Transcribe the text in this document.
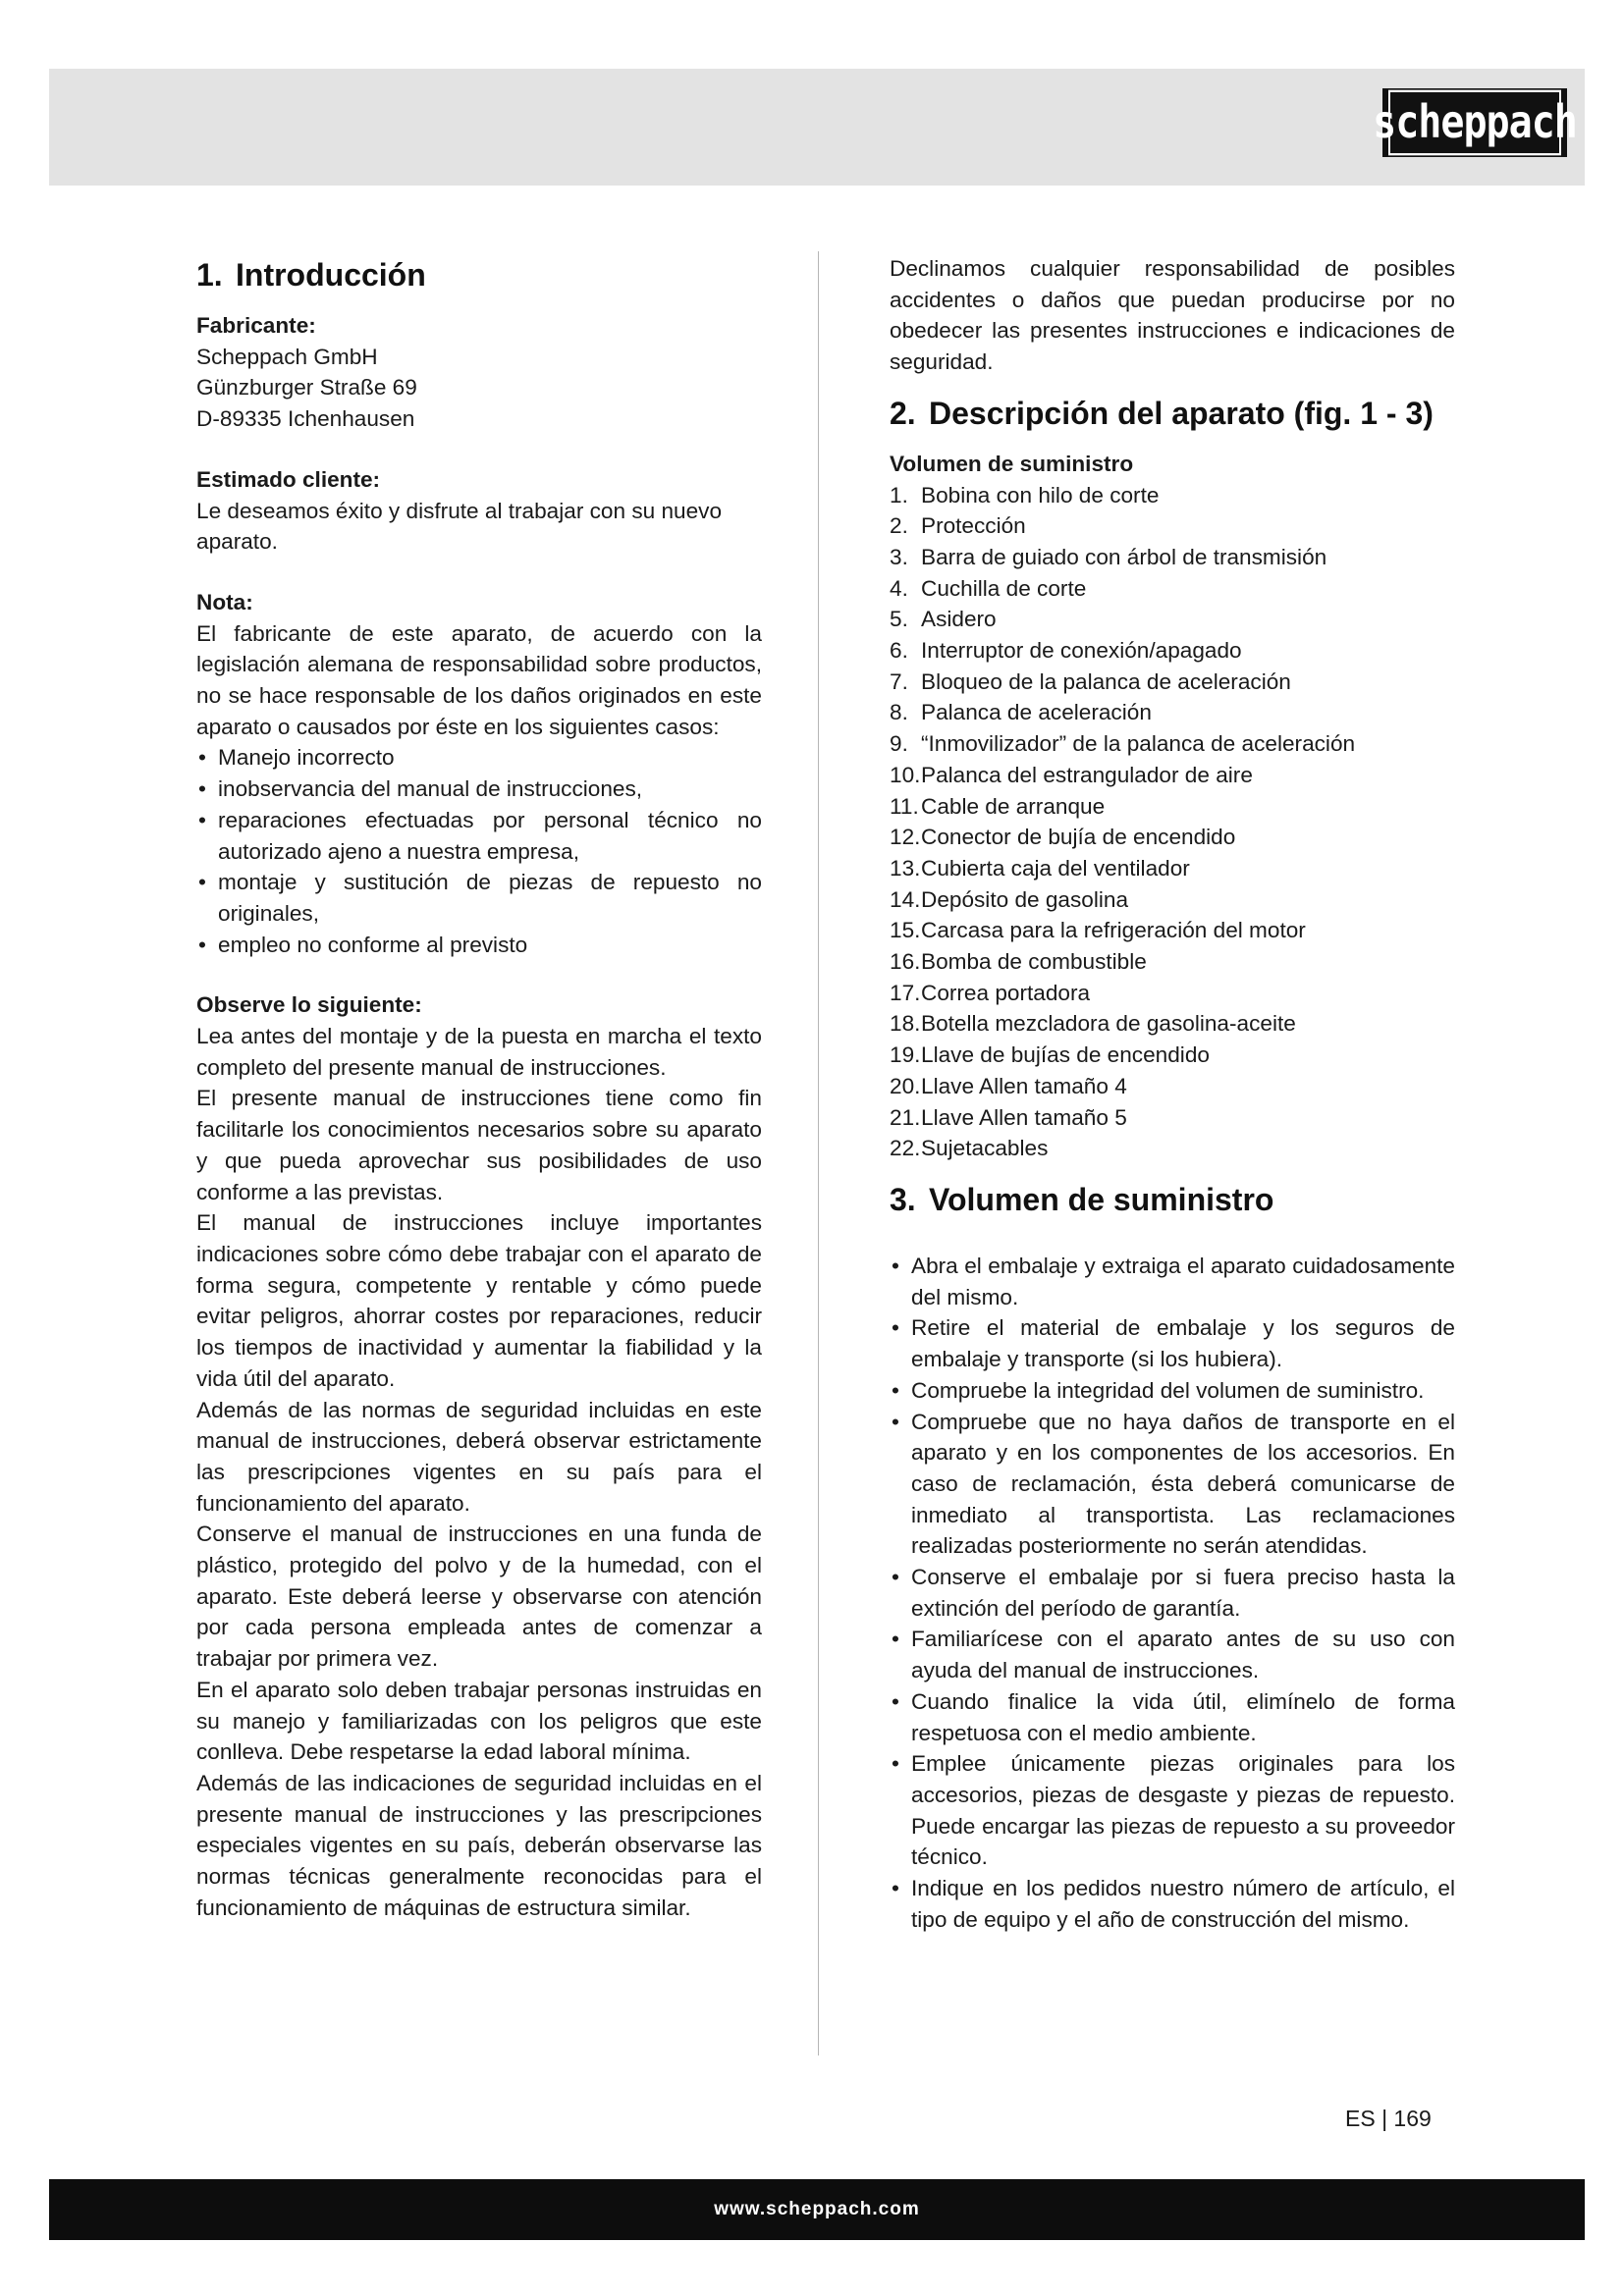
scheppach
1. Introducción

Fabricante:

Scheppach GmbH

Günzburger Straße 69

D-89335 Ichenhausen

Estimado cliente:

Le deseamos éxito y disfrute al trabajar con su nuevo aparato.

Nota:

El fabricante de este aparato, de acuerdo con la legislación alemana de responsabilidad sobre productos, no se hace responsable de los daños originados en este aparato o causados por éste en los siguientes casos:

• Manejo incorrecto
• inobservancia del manual de instrucciones,
• reparaciones efectuadas por personal técnico no autorizado ajeno a nuestra empresa,
• montaje y sustitución de piezas de repuesto no originales,
• empleo no conforme al previsto

Observe lo siguiente:

Lea antes del montaje y de la puesta en marcha el texto completo del presente manual de instrucciones.

El presente manual de instrucciones tiene como fin facilitarle los conocimientos necesarios sobre su aparato y que pueda aprovechar sus posibilidades de uso conforme a las previstas.

El manual de instrucciones incluye importantes indicaciones sobre cómo debe trabajar con el aparato de forma segura, competente y rentable y cómo puede evitar peligros, ahorrar costes por reparaciones, reducir los tiempos de inactividad y aumentar la fiabilidad y la vida útil del aparato.

Además de las normas de seguridad incluidas en este manual de instrucciones, deberá observar estrictamente las prescripciones vigentes en su país para el funcionamiento del aparato.

Conserve el manual de instrucciones en una funda de plástico, protegido del polvo y de la humedad, con el aparato. Este deberá leerse y observarse con atención por cada persona empleada antes de comenzar a trabajar por primera vez.

En el aparato solo deben trabajar personas instruidas en su manejo y familiarizadas con los peligros que este conlleva. Debe respetarse la edad laboral mínima.

Además de las indicaciones de seguridad incluidas en el presente manual de instrucciones y las prescripciones especiales vigentes en su país, deberán observarse las normas técnicas generalmente reconocidas para el funcionamiento de máquinas de estructura similar.

Declinamos cualquier responsabilidad de posibles accidentes o daños que puedan producirse por no obedecer las presentes instrucciones e indicaciones de seguridad.

2. Descripción del aparato (fig. 1 - 3)

Volumen de suministro

1. Bobina con hilo de corte
2. Protección
3. Barra de guiado con árbol de transmisión
4. Cuchilla de corte
5. Asidero
6. Interruptor de conexión/apagado
7. Bloqueo de la palanca de aceleración
8. Palanca de aceleración
9. “Inmovilizador” de la palanca de aceleración
10.Palanca del estrangulador de aire
11. Cable de arranque
12.Conector de bujía de encendido
13.Cubierta caja del ventilador
14.Depósito de gasolina
15.Carcasa para la refrigeración del motor
16.Bomba de combustible
17.Correa portadora
18.Botella mezcladora de gasolina-aceite
19.Llave de bujías de encendido
20.Llave Allen tamaño 4
21.Llave Allen tamaño 5
22.Sujetacables
3. Volumen de suministro
• Abra el embalaje y extraiga el aparato cuidadosamente del mismo.
• Retire el material de embalaje y los seguros de embalaje y transporte (si los hubiera).
• Compruebe la integridad del volumen de suministro.
• Compruebe que no haya daños de transporte en el aparato y en los componentes de los accesorios. En caso de reclamación, ésta deberá comunicarse de inmediato al transportista. Las reclamaciones realizadas posteriormente no serán atendidas.
• Conserve el embalaje por si fuera preciso hasta la extinción del período de garantía.
• Familiarícese con el aparato antes de su uso con ayuda del manual de instrucciones.
• Cuando finalice la vida útil, elimínelo de forma respetuosa con el medio ambiente.
• Emplee únicamente piezas originales para los accesorios, piezas de desgaste y piezas de repuesto. Puede encargar las piezas de repuesto a su proveedor técnico.
• Indique en los pedidos nuestro número de artículo, el tipo de equipo y el año de construcción del mismo.
ES | 169
www.scheppach.com
